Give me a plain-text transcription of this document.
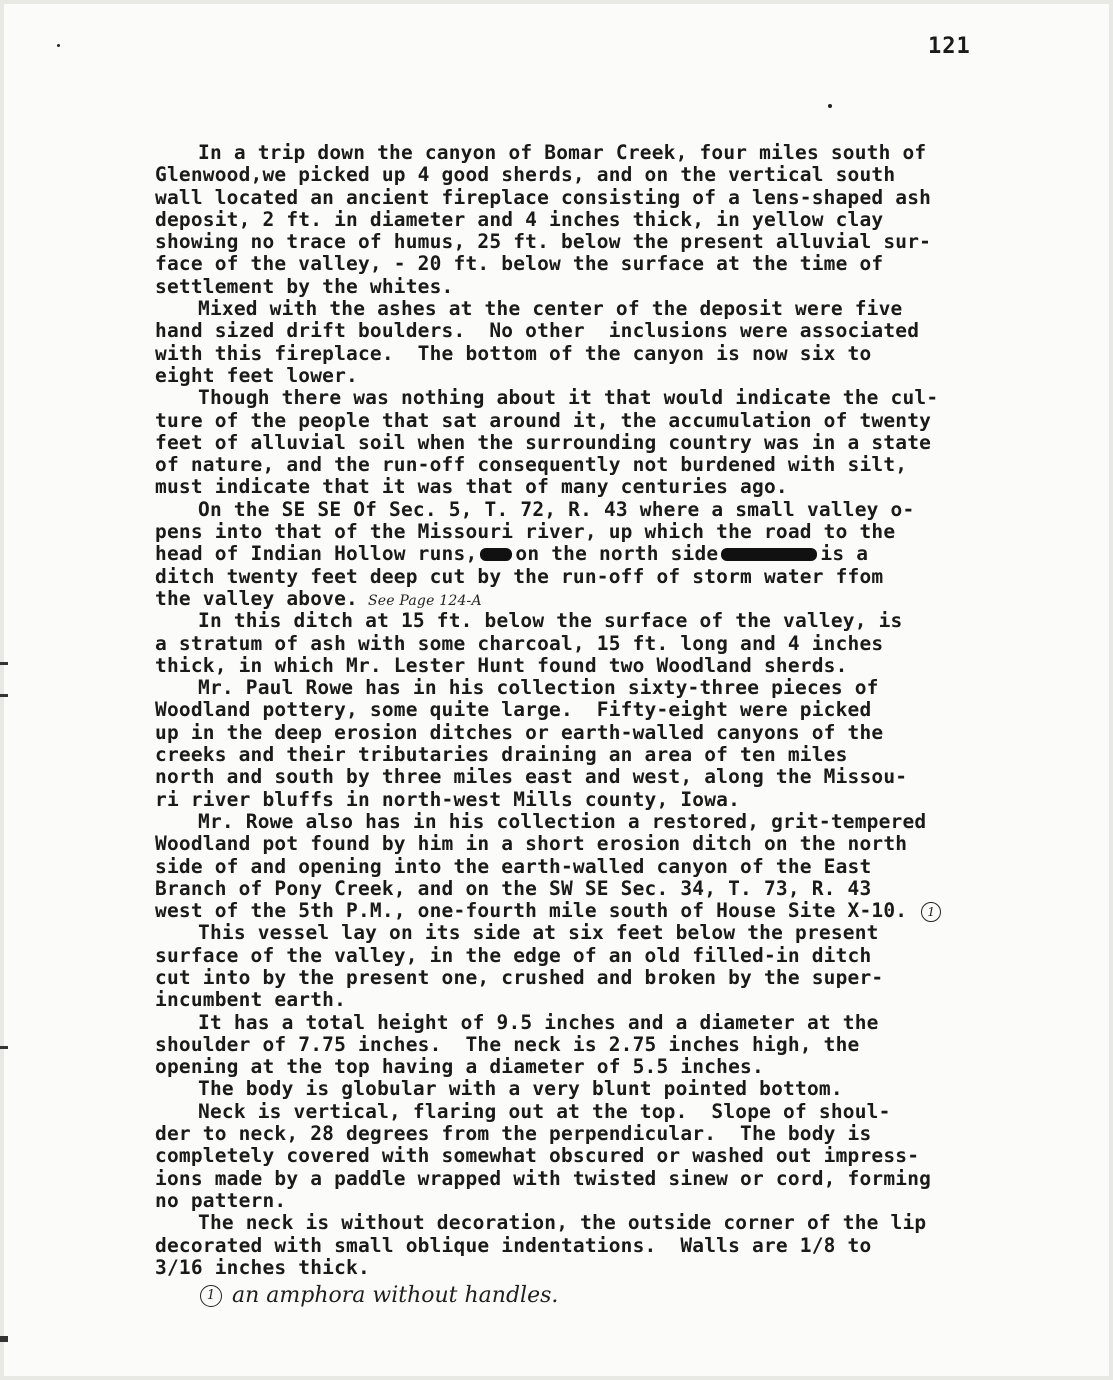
121
In a trip down the canyon of Bomar Creek, four miles south of
Glenwood,we picked up 4 good sherds, and on the vertical south
wall located an ancient fireplace consisting of a lens-shaped ash
deposit, 2 ft. in diameter and 4 inches thick, in yellow clay
showing no trace of humus, 25 ft. below the present alluvial sur-
face of the valley, - 20 ft. below the surface at the time of
settlement by the whites.
Mixed with the ashes at the center of the deposit were five
hand sized drift boulders.  No other  inclusions were associated
with this fireplace.  The bottom of the canyon is now six to
eight feet lower.
Though there was nothing about it that would indicate the cul-
ture of the people that sat around it, the accumulation of twenty
feet of alluvial soil when the surrounding country was in a state
of nature, and the run-off consequently not burdened with silt,
must indicate that it was that of many centuries ago.
On the SE SE Of Sec. 5, T. 72, R. 43 where a small valley o-
pens into that of the Missouri river, up which the road to the
head of Indian Hollow runs, on the north side	is a
ditch twenty feet deep cut by the run-off of storm water ffom
the valley above. See Page 124-A
In this ditch at 15 ft. below the surface of the valley, is
a stratum of ash with some charcoal, 15 ft. long and 4 inches
thick, in which Mr. Lester Hunt found two Woodland sherds.
Mr. Paul Rowe has in his collection sixty-three pieces of
Woodland pottery, some quite large.  Fifty-eight were picked
up in the deep erosion ditches or earth-walled canyons of the
creeks and their tributaries draining an area of ten miles
north and south by three miles east and west, along the Missou-
ri river bluffs in north-west Mills county, Iowa.
Mr. Rowe also has in his collection a restored, grit-tempered
Woodland pot found by him in a short erosion ditch on the north
side of and opening into the earth-walled canyon of the East
Branch of Pony Creek, and on the SW SE Sec. 34, T. 73, R. 43
west of the 5th P.M., one-fourth mile south of House Site X-10. 1
This vessel lay on its side at six feet below the present
surface of the valley, in the edge of an old filled-in ditch
cut into by the present one, crushed and broken by the super-
incumbent earth.
It has a total height of 9.5 inches and a diameter at the
shoulder of 7.75 inches.  The neck is 2.75 inches high, the
opening at the top having a diameter of 5.5 inches.
The body is globular with a very blunt pointed bottom.
Neck is vertical, flaring out at the top.  Slope of shoul-
der to neck, 28 degrees from the perpendicular.  The body is
completely covered with somewhat obscured or washed out impress-
ions made by a paddle wrapped with twisted sinew or cord, forming
no pattern.
The neck is without decoration, the outside corner of the lip
decorated with small oblique indentations.  Walls are 1/8 to
3/16 inches thick.
1 an amphora without handles.
